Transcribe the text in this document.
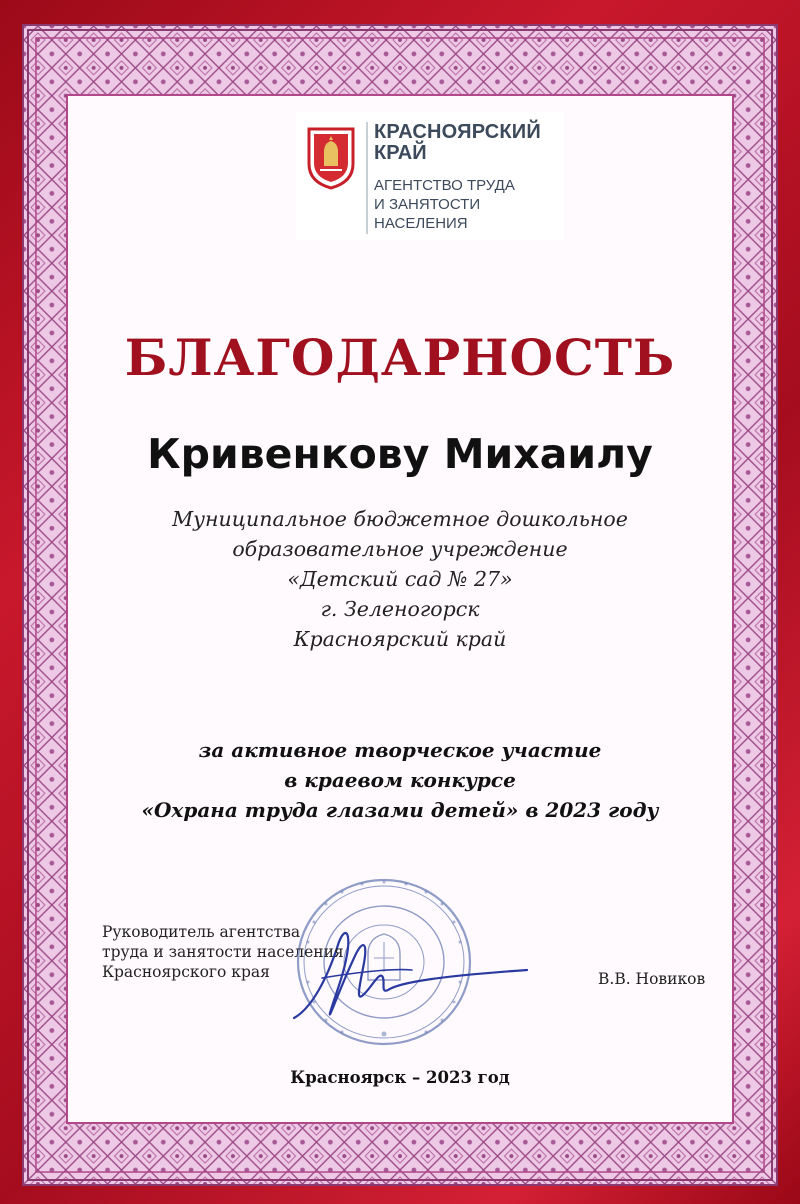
КРАСНОЯРСКИЙ
КРАЙ
АГЕНТСТВО ТРУДА
И ЗАНЯТОСТИ
НАСЕЛЕНИЯ
БЛАГОДАРНОСТЬ
Кривенкову Михаилу
Муниципальное бюджетное дошкольное
образовательное учреждение
«Детский сад № 27»
г. Зеленогорск
Красноярский край
за активное творческое участие
в краевом конкурсе
«Охрана труда глазами детей» в 2023 году
Руководитель агентства
труда и занятости населения
Красноярского края	В.В. Новиков
Красноярск – 2023 год
